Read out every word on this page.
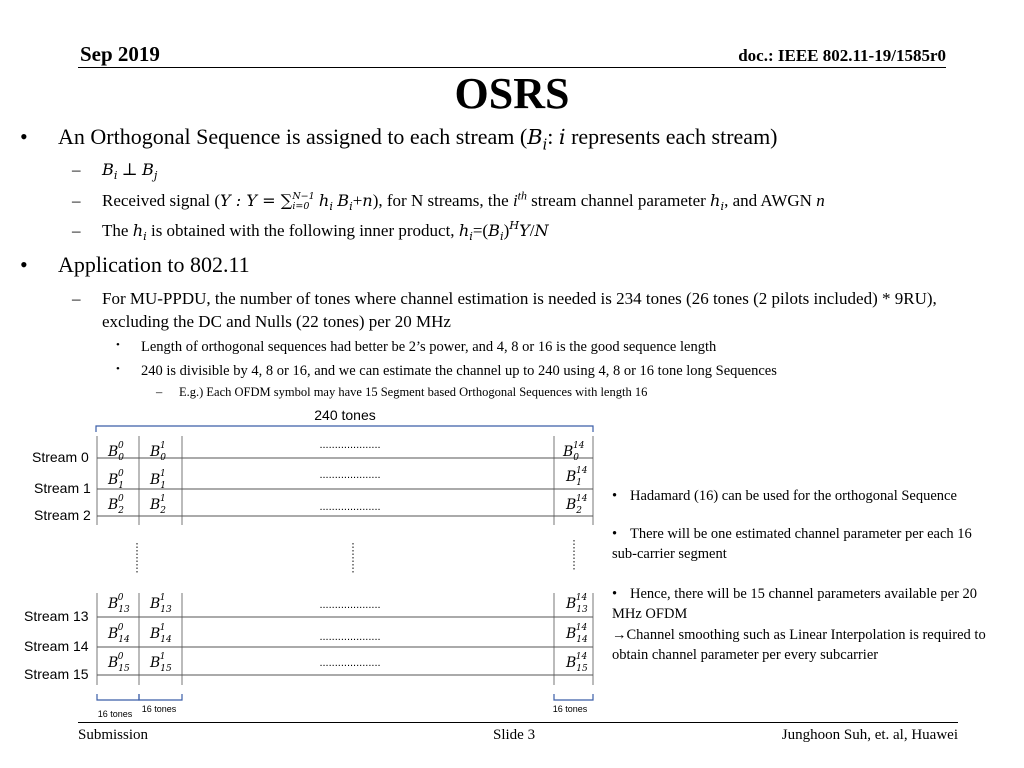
Sep 2019	doc.: IEEE 802.11-19/1585r0
OSRS
• An Orthogonal Sequence is assigned to each stream ($B_i$: i represents each stream)
– $B_i$ ⊥ $B_j$
– Received signal (Y : Y = ∑N−1
i=0 $h_i$ $B_i+n$), for N streams, the $i^{th}$ stream channel parameter $h_i$, and AWGN n
– The $h_i$ is obtained with the following inner product, $h_i=(B_i)^HY/N$
• Application to 802.11
– For MU-PPDU, the number of tones where channel estimation is needed is 234 tones (26 tones (2 pilots included) * 9RU), excluding the DC and Nulls (22 tones) per 20 MHz
• Length of orthogonal sequences had better be 2’s power, and 4, 8 or 16 is the good sequence length
• 240 is divisible by 4, 8 or 16, and we can estimate the channel up to 240 using 4, 8 or 16 tone long Sequences
– E.g.) Each OFDM symbol may have 15 Segment based Orthogonal Sequences with length 16
240 tones
Stream 0 $B_00$ $B_01$	$B_014$
....................
Stream 1 $B_10$ $B_11$	$B_114$
....................
Stream 2
$B_20$ $B_21$	$B_214$
....................
Stream 13
$B_{13}0$	$B_{13}1$	$B_{13}14$
....................
Stream 14
$B_{14}0$	$B_{14}1$	$B_{14}14$
....................
Stream 15
$B_{15}0$	$B_{15}1$	$B_{15}14$
....................
16 tones 16 tones	16 tones
• Hadamard (16) can be used for the orthogonal Sequence
• There will be one estimated channel parameter per each 16 sub-carrier segment
• Hence, there will be 15 channel parameters available per 20 MHz OFDM
→Channel smoothing such as Linear Interpolation is required to obtain channel parameter per every subcarrier
Submission	Slide 3	Junghoon Suh, et. al, Huawei
